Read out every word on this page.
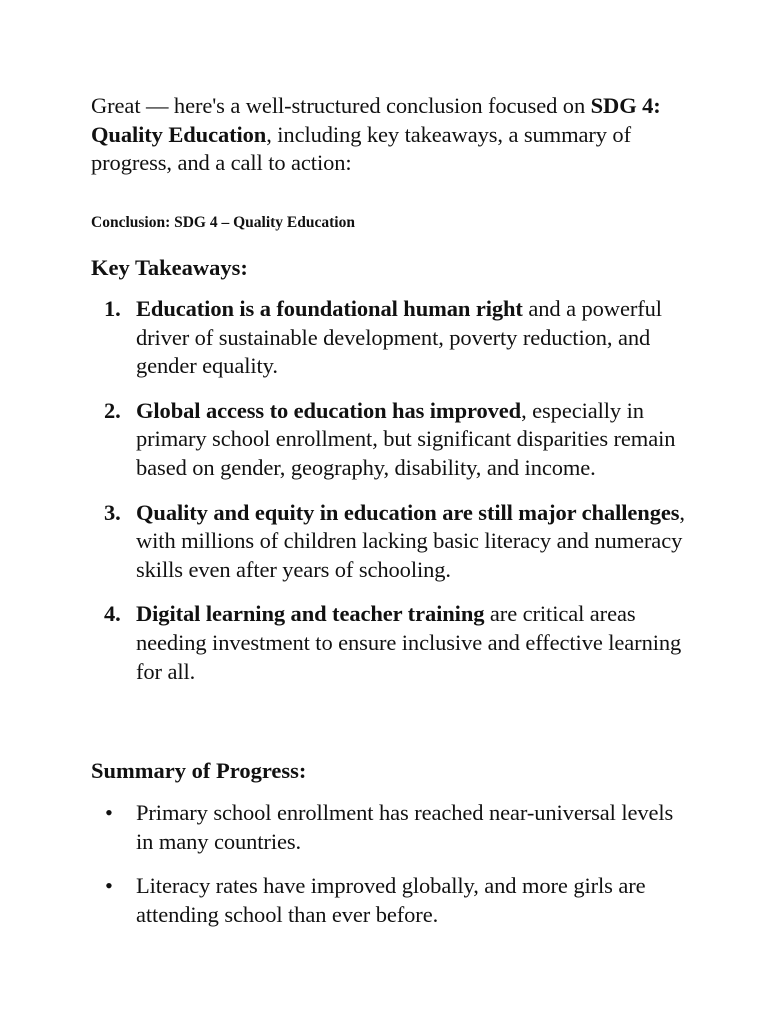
Great — here's a well-structured conclusion focused on SDG 4: Quality Education, including key takeaways, a summary of progress, and a call to action:

Conclusion: SDG 4 – Quality Education

Key Takeaways:
1. Education is a foundational human right and a powerful driver of sustainable development, poverty reduction, and gender equality.
2. Global access to education has improved, especially in primary school enrollment, but significant disparities remain based on gender, geography, disability, and income.
3. Quality and equity in education are still major challenges, with millions of children lacking basic literacy and numeracy skills even after years of schooling.
4. Digital learning and teacher training are critical areas needing investment to ensure inclusive and effective learning for all.
Summary of Progress:
• Primary school enrollment has reached near-universal levels in many countries.
• Literacy rates have improved globally, and more girls are attending school than ever before.
